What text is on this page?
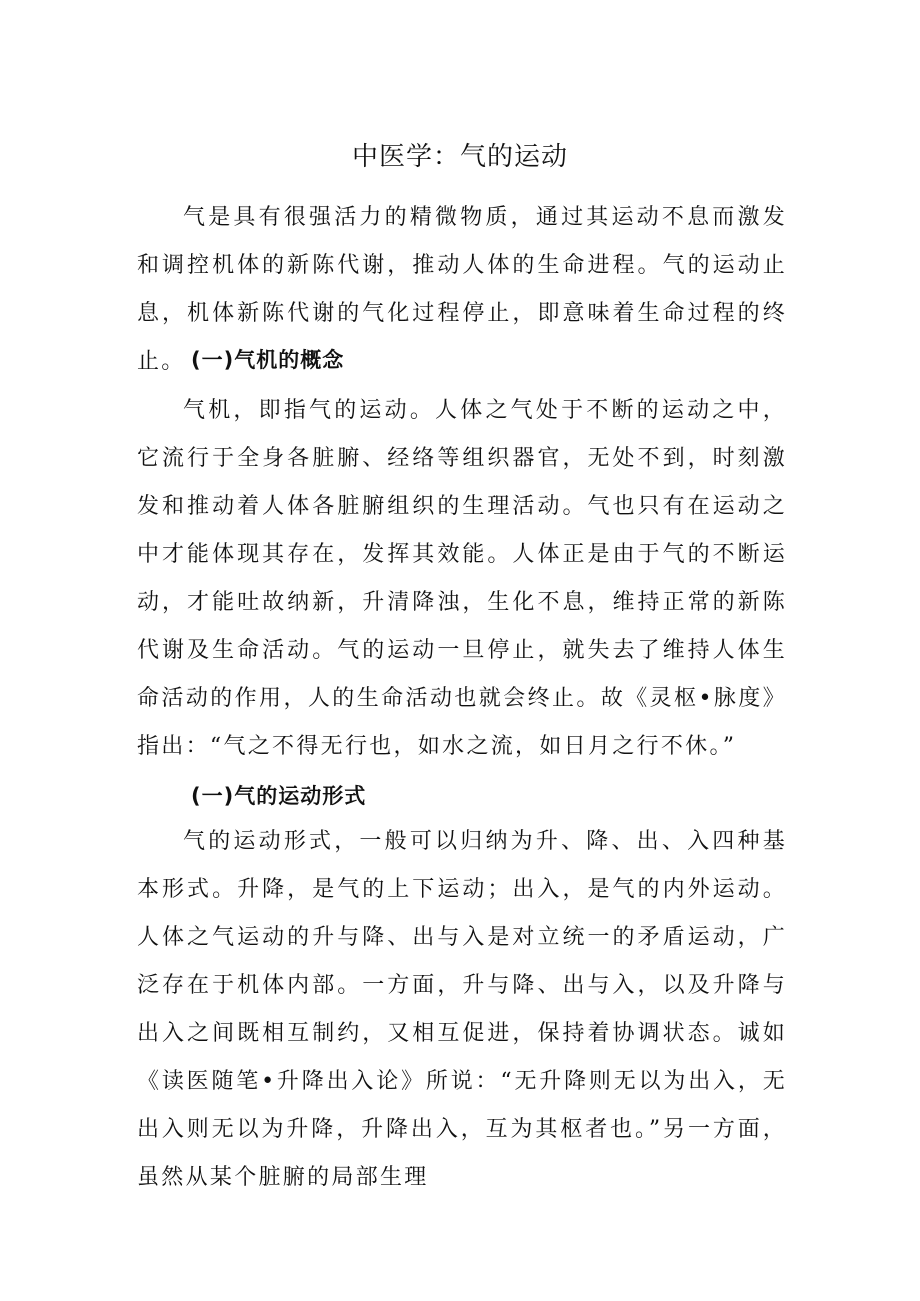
中医学：气的运动

气是具有很强活力的精微物质，通过其运动不息而激发和调控机体的新陈代谢，推动人体的生命进程。气的运动止息，机体新陈代谢的气化过程停止，即意味着生命过程的终止。 (一)气机的概念

气机，即指气的运动。人体之气处于不断的运动之中，它流行于全身各脏腑、经络等组织器官，无处不到，时刻激发和推动着人体各脏腑组织的生理活动。气也只有在运动之中才能体现其存在，发挥其效能。人体正是由于气的不断运动，才能吐故纳新，升清降浊，生化不息，维持正常的新陈代谢及生命活动。气的运动一旦停止，就失去了维持人体生命活动的作用，人的生命活动也就会终止。故《灵枢•脉度》指出：“气之不得无行也，如水之流，如日月之行不休。”

(一)气的运动形式

气的运动形式，一般可以归纳为升、降、出、入四种基本形式。升降，是气的上下运动；出入，是气的内外运动。人体之气运动的升与降、出与入是对立统一的矛盾运动，广泛存在于机体内部。一方面，升与降、出与入，以及升降与出入之间既相互制约，又相互促进，保持着协调状态。诚如《读医随笔•升降出入论》所说：“无升降则无以为出入，无出入则无以为升降，升降出入，互为其枢者也。”另一方面，虽然从某个脏腑的局部生理
